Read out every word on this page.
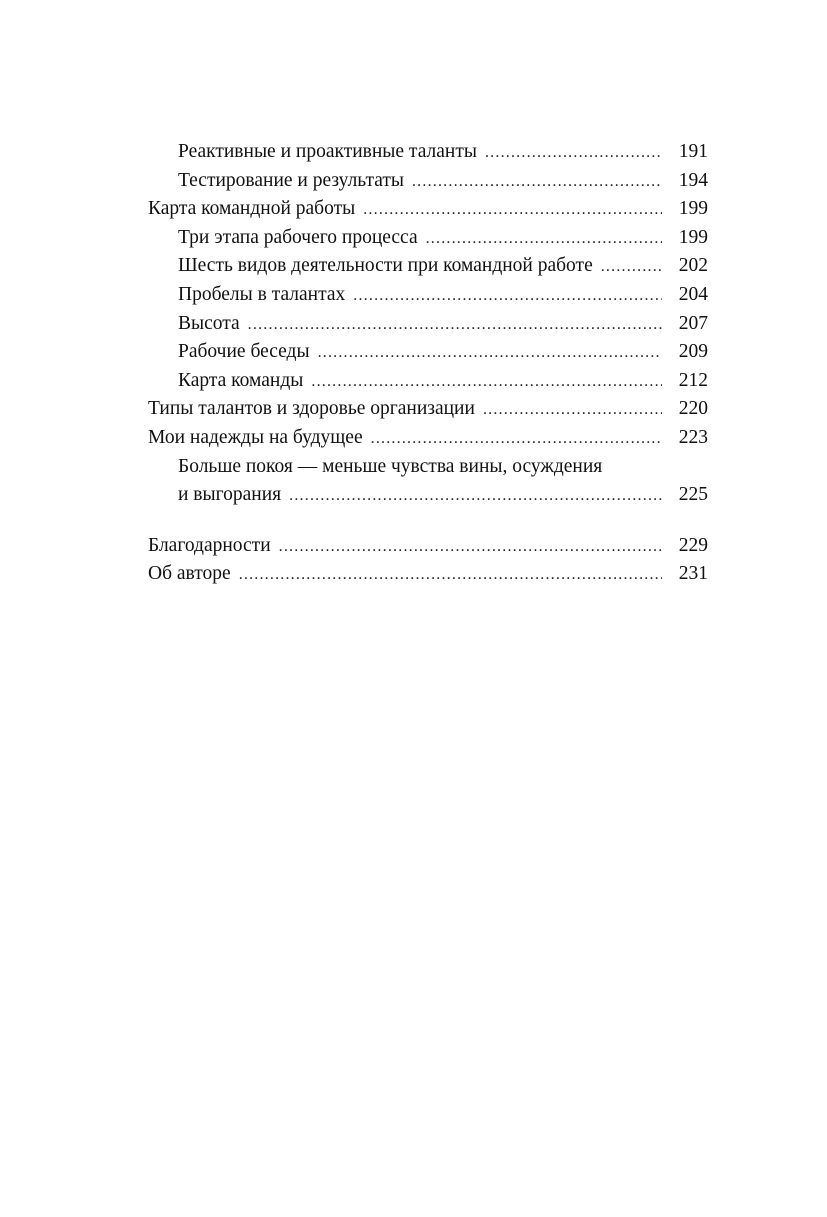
Реактивные и проактивные таланты .....	191
Тестирование и результаты .....	194
Карта командной работы .....	199
Три этапа рабочего процесса .....	199
Шесть видов деятельности при командной работе .....	202
Пробелы в талантах .....	204
Высота .....	207
Рабочие беседы .....	209
Карта команды .....	212
Типы талантов и здоровье организации .....	220
Мои надежды на будущее .....	223
Больше покоя — меньше чувства вины, осуждения
и выгорания .....	225
Благодарности .....	229
Об авторе .....	231
